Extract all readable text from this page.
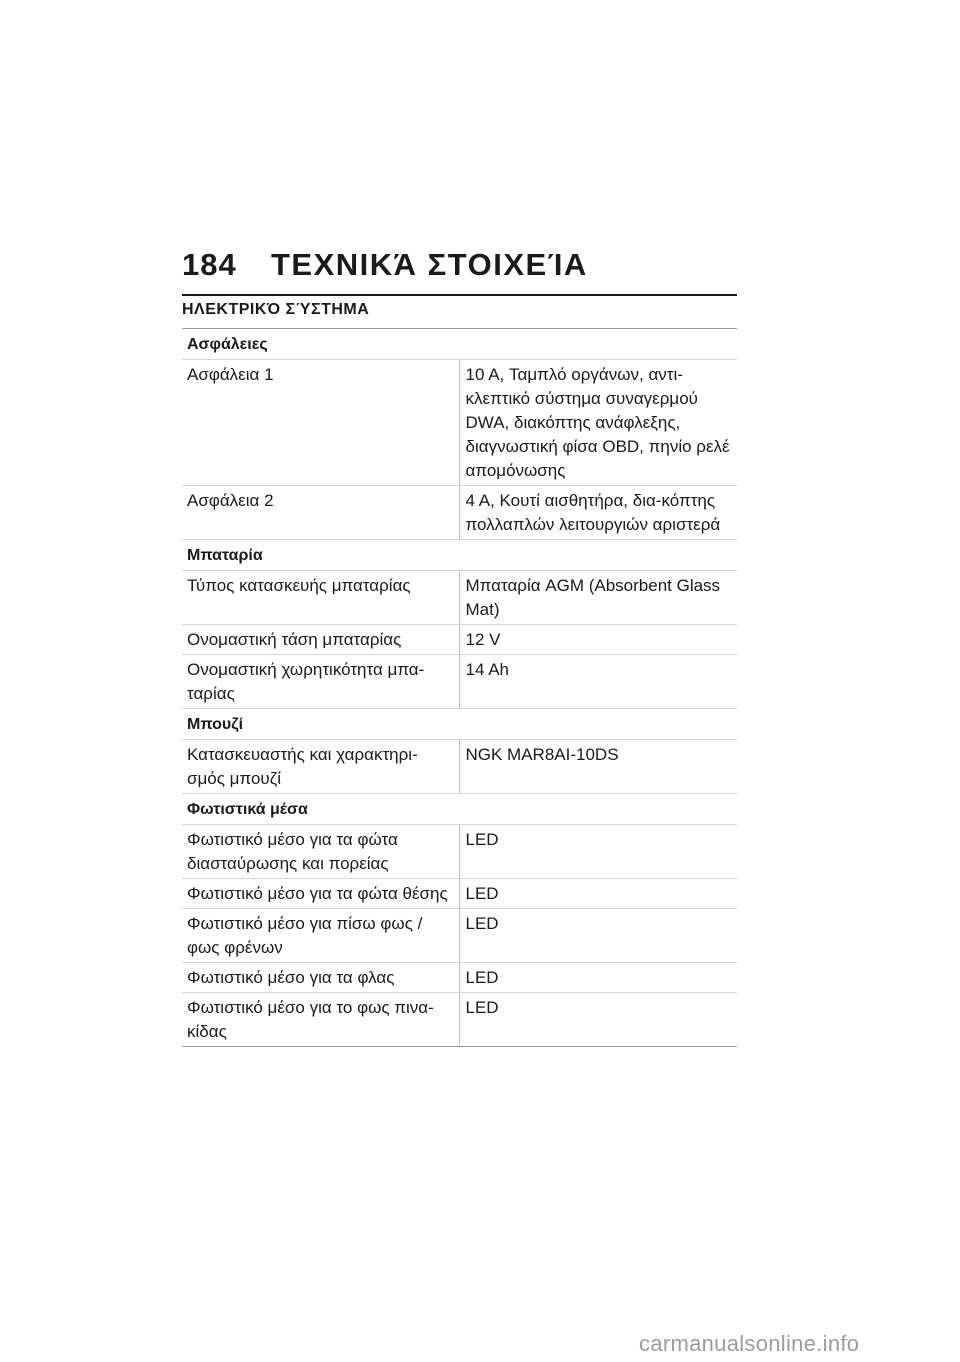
184	ΤΕΧΝΙΚΆ ΣΤΟΙΧΕΊΑ
ΗΛΕΚΤΡΙΚΌ ΣΎΣΤΗΜΑ
Ασφάλειες	
Ασφάλεια 1	10 A, Ταμπλό οργάνων, αντι-κλεπτικό σύστημα συναγερμού DWA, διακόπτης ανάφλεξης, διαγνωστική φίσα OBD, πηνίο ρελέ απομόνωσης
Ασφάλεια 2	4 A, Κουτί αισθητήρα, δια-κόπτης πολλαπλών λειτουργιών αριστερά
Μπαταρία	
Τύπος κατασκευής μπαταρίας	Μπαταρία AGM (Absorbent Glass Mat)
Ονομαστική τάση μπαταρίας	12 V
Ονομαστική χωρητικότητα μπα-ταρίας	14 Ah
Μπουζί	
Κατασκευαστής και χαρακτηρι-σμός μπουζί	NGK MAR8AI-10DS
Φωτιστικά μέσα	
Φωτιστικό μέσο για τα φώτα διασταύρωσης και πορείας	LED
Φωτιστικό μέσο για τα φώτα θέσης	LED
Φωτιστικό μέσο για πίσω φως / φως φρένων	LED
Φωτιστικό μέσο για τα φλας	LED
Φωτιστικό μέσο για το φως πινα-κίδας	LED
carmanualsonline.info
